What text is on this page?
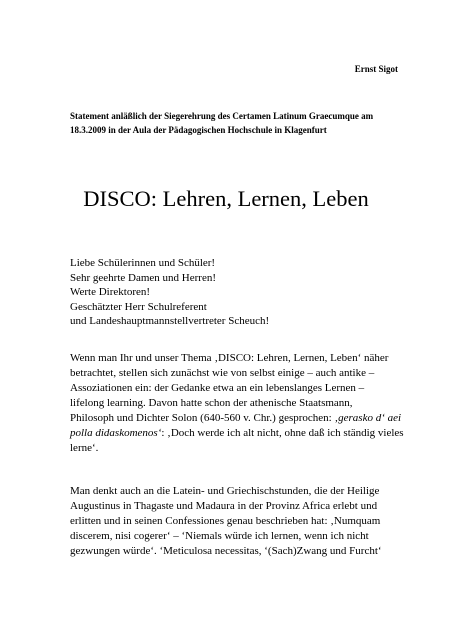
Ernst Sigot
Statement anläßlich der Siegerehrung des Certamen Latinum Graecumque am
18.3.2009 in der Aula der Pädagogischen Hochschule in Klagenfurt
DISCO: Lehren, Lernen, Leben
Liebe Schülerinnen und Schüler!
Sehr geehrte Damen und Herren!
Werte Direktoren!
Geschätzter Herr Schulreferent
und Landeshauptmannstellvertreter Scheuch!
Wenn man Ihr und unser Thema ‚DISCO: Lehren, Lernen, Leben‘ näher
betrachtet, stellen sich zunächst wie von selbst einige – auch antike –
Assoziationen ein: der Gedanke etwa an ein lebenslanges Lernen –
lifelong learning. Davon hatte schon der athenische Staatsmann,
Philosoph und Dichter Solon (640-560 v. Chr.) gesprochen: ‚gerasko d‘ aei
polla didaskomenos‘: ‚Doch werde ich alt nicht, ohne daß ich ständig vieles
lerne‘.
Man denkt auch an die Latein- und Griechischstunden, die der Heilige
Augustinus in Thagaste und Madaura in der Provinz Africa erlebt und
erlitten und in seinen Confessiones genau beschrieben hat: ‚Numquam
discerem, nisi cogerer‘ – ‘Niemals würde ich lernen, wenn ich nicht
gezwungen würde‘. ‘Meticulosa necessitas, ‘(Sach)Zwang und Furcht‘
